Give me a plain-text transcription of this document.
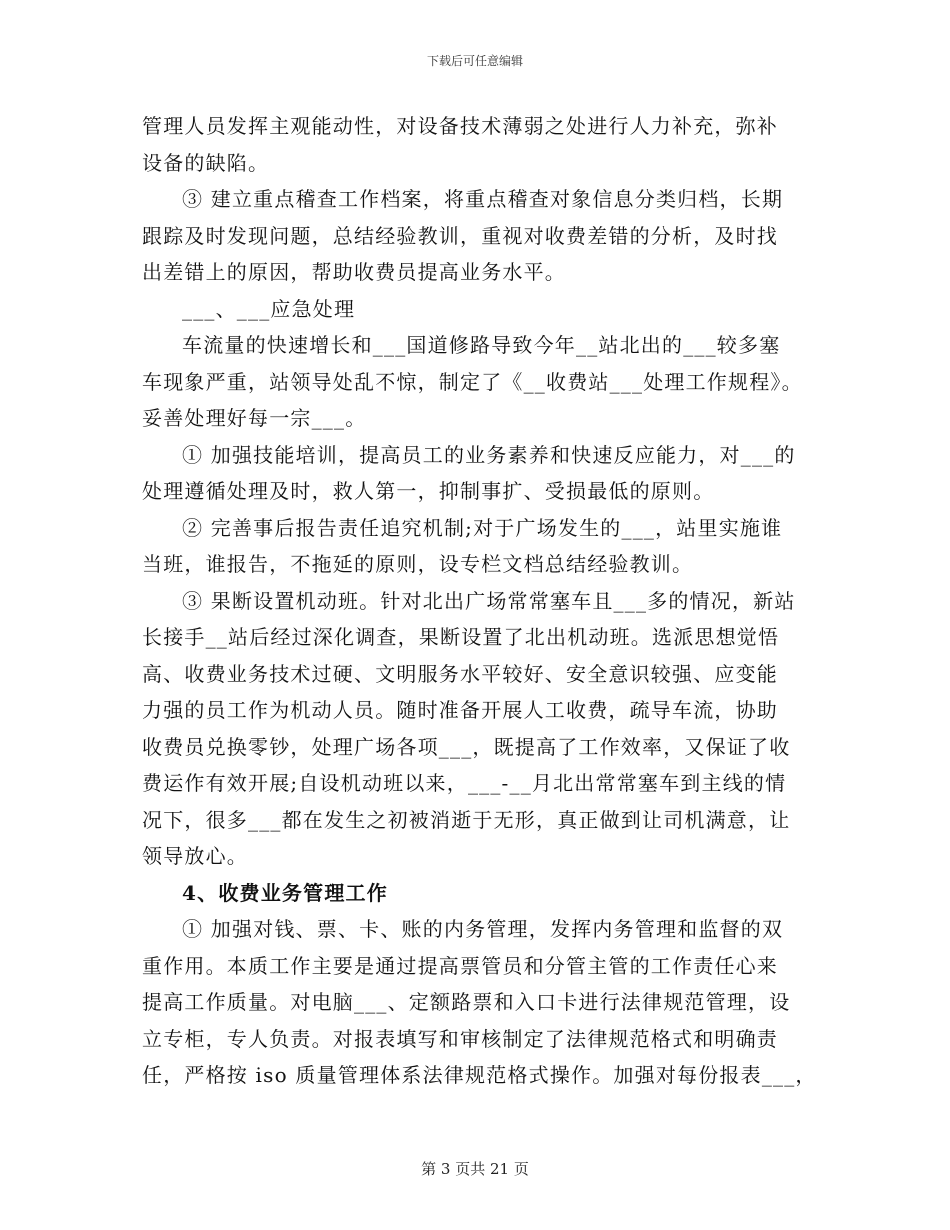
下载后可任意编辑

管理人员发挥主观能动性，对设备技术薄弱之处进行人力补充，弥补

设备的缺陷。

③ 建立重点稽查工作档案，将重点稽查对象信息分类归档，长期

跟踪及时发现问题，总结经验教训，重视对收费差错的分析，及时找

出差错上的原因，帮助收费员提高业务水平。

___、___应急处理

车流量的快速增长和___国道修路导致今年__站北出的___较多塞

车现象严重，站领导处乱不惊，制定了《__收费站___处理工作规程》。

妥善处理好每一宗___。

① 加强技能培训，提高员工的业务素养和快速反应能力，对___的

处理遵循处理及时，救人第一，抑制事扩、受损最低的原则。

② 完善事后报告责任追究机制;对于广场发生的___，站里实施谁

当班，谁报告，不拖延的原则，设专栏文档总结经验教训。

③ 果断设置机动班。针对北出广场常常塞车且___多的情况，新站

长接手__站后经过深化调查，果断设置了北出机动班。选派思想觉悟

高、收费业务技术过硬、文明服务水平较好、安全意识较强、应变能

力强的员工作为机动人员。随时准备开展人工收费，疏导车流，协助

收费员兑换零钞，处理广场各项___，既提高了工作效率，又保证了收

费运作有效开展;自设机动班以来，___-__月北出常常塞车到主线的情

况下，很多___都在发生之初被消逝于无形，真正做到让司机满意，让

领导放心。

4、收费业务管理工作

① 加强对钱、票、卡、账的内务管理，发挥内务管理和监督的双

重作用。本质工作主要是通过提高票管员和分管主管的工作责任心来

提高工作质量。对电脑___、定额路票和入口卡进行法律规范管理，设

立专柜，专人负责。对报表填写和审核制定了法律规范格式和明确责

任，严格按 iso 质量管理体系法律规范格式操作。加强对每份报表___，

第 3 页共 21 页
